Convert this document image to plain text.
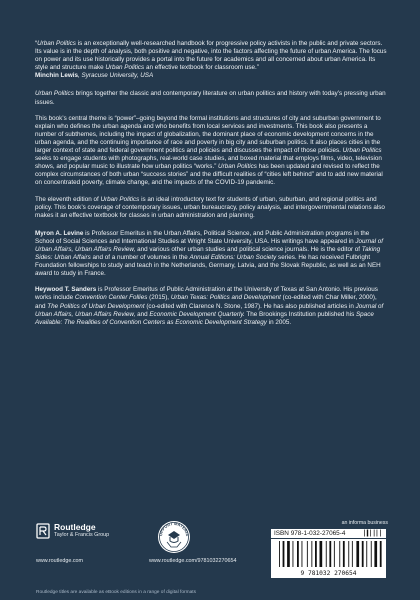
“Urban Politics is an exceptionally well-researched handbook for progressive policy activists in the public and private sectors. Its value is in the depth of analysis, both positive and negative, into the factors affecting the future of urban America. The focus on power and its use historically provides a portal into the future for academics and all concerned about urban America. Its style and structure make Urban Politics an effective textbook for classroom use.”

Minchin Lewis, Syracuse University, USA

Urban Politics brings together the classic and contemporary literature on urban politics and history with today’s pressing urban issues.

This book’s central theme is “power”–going beyond the formal institutions and structures of city and suburban government to explain who defines the urban agenda and who benefits from local services and investments. This book also presents a number of subthemes, including the impact of globalization, the dominant place of economic development concerns in the urban agenda, and the continuing importance of race and poverty in big city and suburban politics. It also places cities in the larger context of state and federal government politics and policies and discusses the impact of those policies. Urban Politics seeks to engage students with photographs, real-world case studies, and boxed material that employs films, video, television shows, and popular music to illustrate how urban politics “works.” Urban Politics has been updated and revised to reflect the complex circumstances of both urban “success stories” and the difficult realities of “cities left behind” and to add new material on concentrated poverty, climate change, and the impacts of the COVID-19 pandemic.

The eleventh edition of Urban Politics is an ideal introductory text for students of urban, suburban, and regional politics and policy. This book’s coverage of contemporary issues, urban bureaucracy, policy analysis, and intergovernmental relations also makes it an effective textbook for classes in urban administration and planning.

Myron A. Levine is Professor Emeritus in the Urban Affairs, Political Science, and Public Administration programs in the School of Social Sciences and International Studies at Wright State University, USA. His writings have appeared in Journal of Urban Affairs, Urban Affairs Review, and various other urban studies and political science journals. He is the editor of Taking Sides: Urban Affairs and of a number of volumes in the Annual Editions: Urban Society series. He has received Fulbright Foundation fellowships to study and teach in the Netherlands, Germany, Latvia, and the Slovak Republic, as well as an NEH award to study in France.

Heywood T. Sanders is Professor Emeritus of Public Administration at the University of Texas at San Antonio. His previous works include Convention Center Follies (2015), Urban Texas: Politics and Development (co-edited with Char Miller, 2000), and The Politics of Urban Development (co-edited with Clarence N. Stone, 1987). He has also published articles in Journal of Urban Affairs, Urban Affairs Review, and Economic Development Quarterly. The Brookings Institution published his Space Available: The Realities of Convention Centers as Economic Development Strategy in 2005.

Routledge
Taylor & Francis Group
www.routledge.com
UPPORT MATERIA
www.routledge.com/9781032270654
an informa business
ISBN 978-1-032-27065-4
9 781032 270654
Routledge titles are available as eBook editions in a range of digital formats
